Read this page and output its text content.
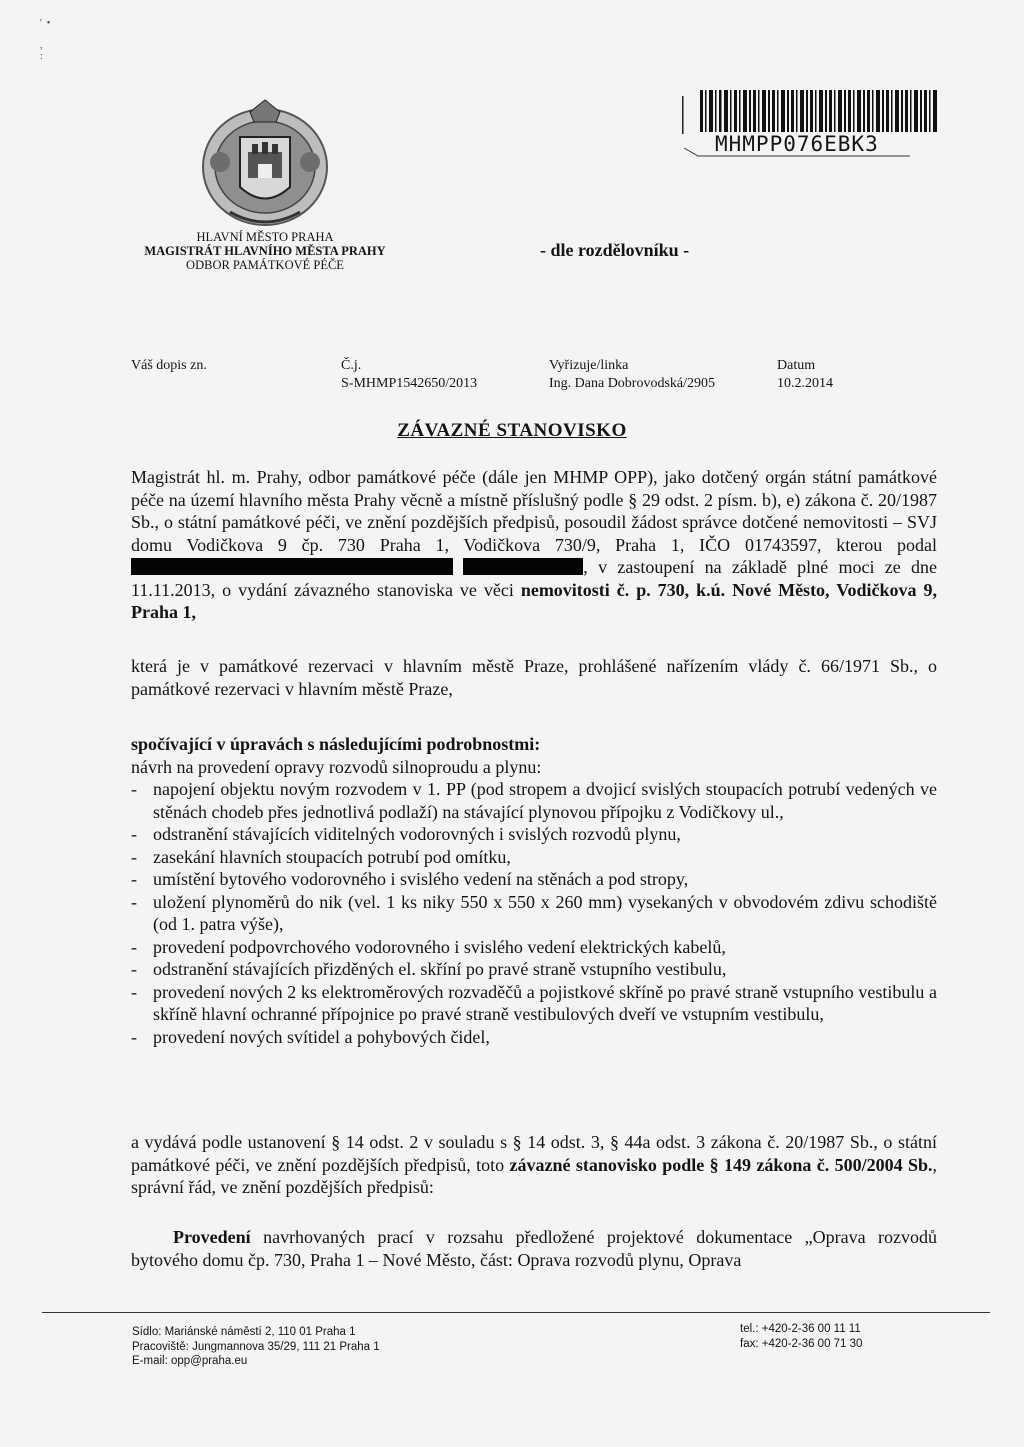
'  •

,
:
HLAVNÍ MĚSTO PRAHA
MAGISTRÁT HLAVNÍHO MĚSTA PRAHY
ODBOR PAMÁTKOVÉ PÉČE
- dle rozdělovníku -
MHMPP076EBK3
Váš dopis zn.	Č.j.
S-MHMP1542650/2013
Vyřizuje/linka
Ing. Dana Dobrovodská/2905
Datum
10.2.2014
ZÁVAZNÉ STANOVISKO
Magistrát hl. m. Prahy, odbor památkové péče (dále jen MHMP OPP), jako dotčený orgán státní památkové péče na území hlavního města Prahy věcně a místně příslušný podle § 29 odst. 2 písm. b), e) zákona č. 20/1987 Sb., o státní památkové péči, ve znění pozdějších předpisů, posoudil žádost správce dotčené nemovitosti – SVJ domu Vodičkova 9 čp. 730 Praha 1, Vodičkova 730/9, Praha 1, IČO 01743597, kterou podal  , v zastoupení na základě plné moci ze dne 11.11.2013, o vydání závazného stanoviska ve věci nemovitosti č. p. 730, k.ú. Nové Město, Vodičkova 9, Praha 1,
která je v památkové rezervaci v hlavním městě Praze, prohlášené nařízením vlády č. 66/1971 Sb., o památkové rezervaci v hlavním městě Praze,
spočívající v úpravách s následujícími podrobnostmi:
návrh na provedení opravy rozvodů silnoproudu a plynu:
- napojení objektu novým rozvodem v 1. PP (pod stropem a dvojicí svislých stoupacích potrubí vedených ve stěnách chodeb přes jednotlivá podlaží) na stávající plynovou přípojku z Vodičkovy ul.,
- odstranění stávajících viditelných vodorovných i svislých rozvodů plynu,
- zasekání hlavních stoupacích potrubí pod omítku,
- umístění bytového vodorovného i svislého vedení na stěnách a pod stropy,
- uložení plynoměrů do nik (vel. 1 ks niky 550 x 550 x 260 mm) vysekaných v obvodovém zdivu schodiště (od 1. patra výše),
- provedení podpovrchového vodorovného i svislého vedení elektrických kabelů,
- odstranění stávajících přizděných el. skříní po pravé straně vstupního vestibulu,
- provedení nových 2 ks elektroměrových rozvaděčů a pojistkové skříně po pravé straně vstupního vestibulu a skříně hlavní ochranné přípojnice po pravé straně vestibulových dveří ve vstupním vestibulu,
- provedení nových svítidel a pohybových čidel,
a vydává podle ustanovení § 14 odst. 2 v souladu s § 14 odst. 3, § 44a odst. 3 zákona č. 20/1987 Sb., o státní památkové péči, ve znění pozdějších předpisů, toto závazné stanovisko podle § 149 zákona č. 500/2004 Sb., správní řád, ve znění pozdějších předpisů:
Provedení navrhovaných prací v rozsahu předložené projektové dokumentace „Oprava rozvodů bytového domu čp. 730, Praha 1 – Nové Město, část: Oprava rozvodů plynu, Oprava
Sídlo: Mariánské náměstí 2, 110 01 Praha 1
Pracoviště: Jungmannova 35/29, 111 21 Praha 1
E-mail: opp@praha.eu
tel.: +420-2-36 00 11 11
fax: +420-2-36 00 71 30
